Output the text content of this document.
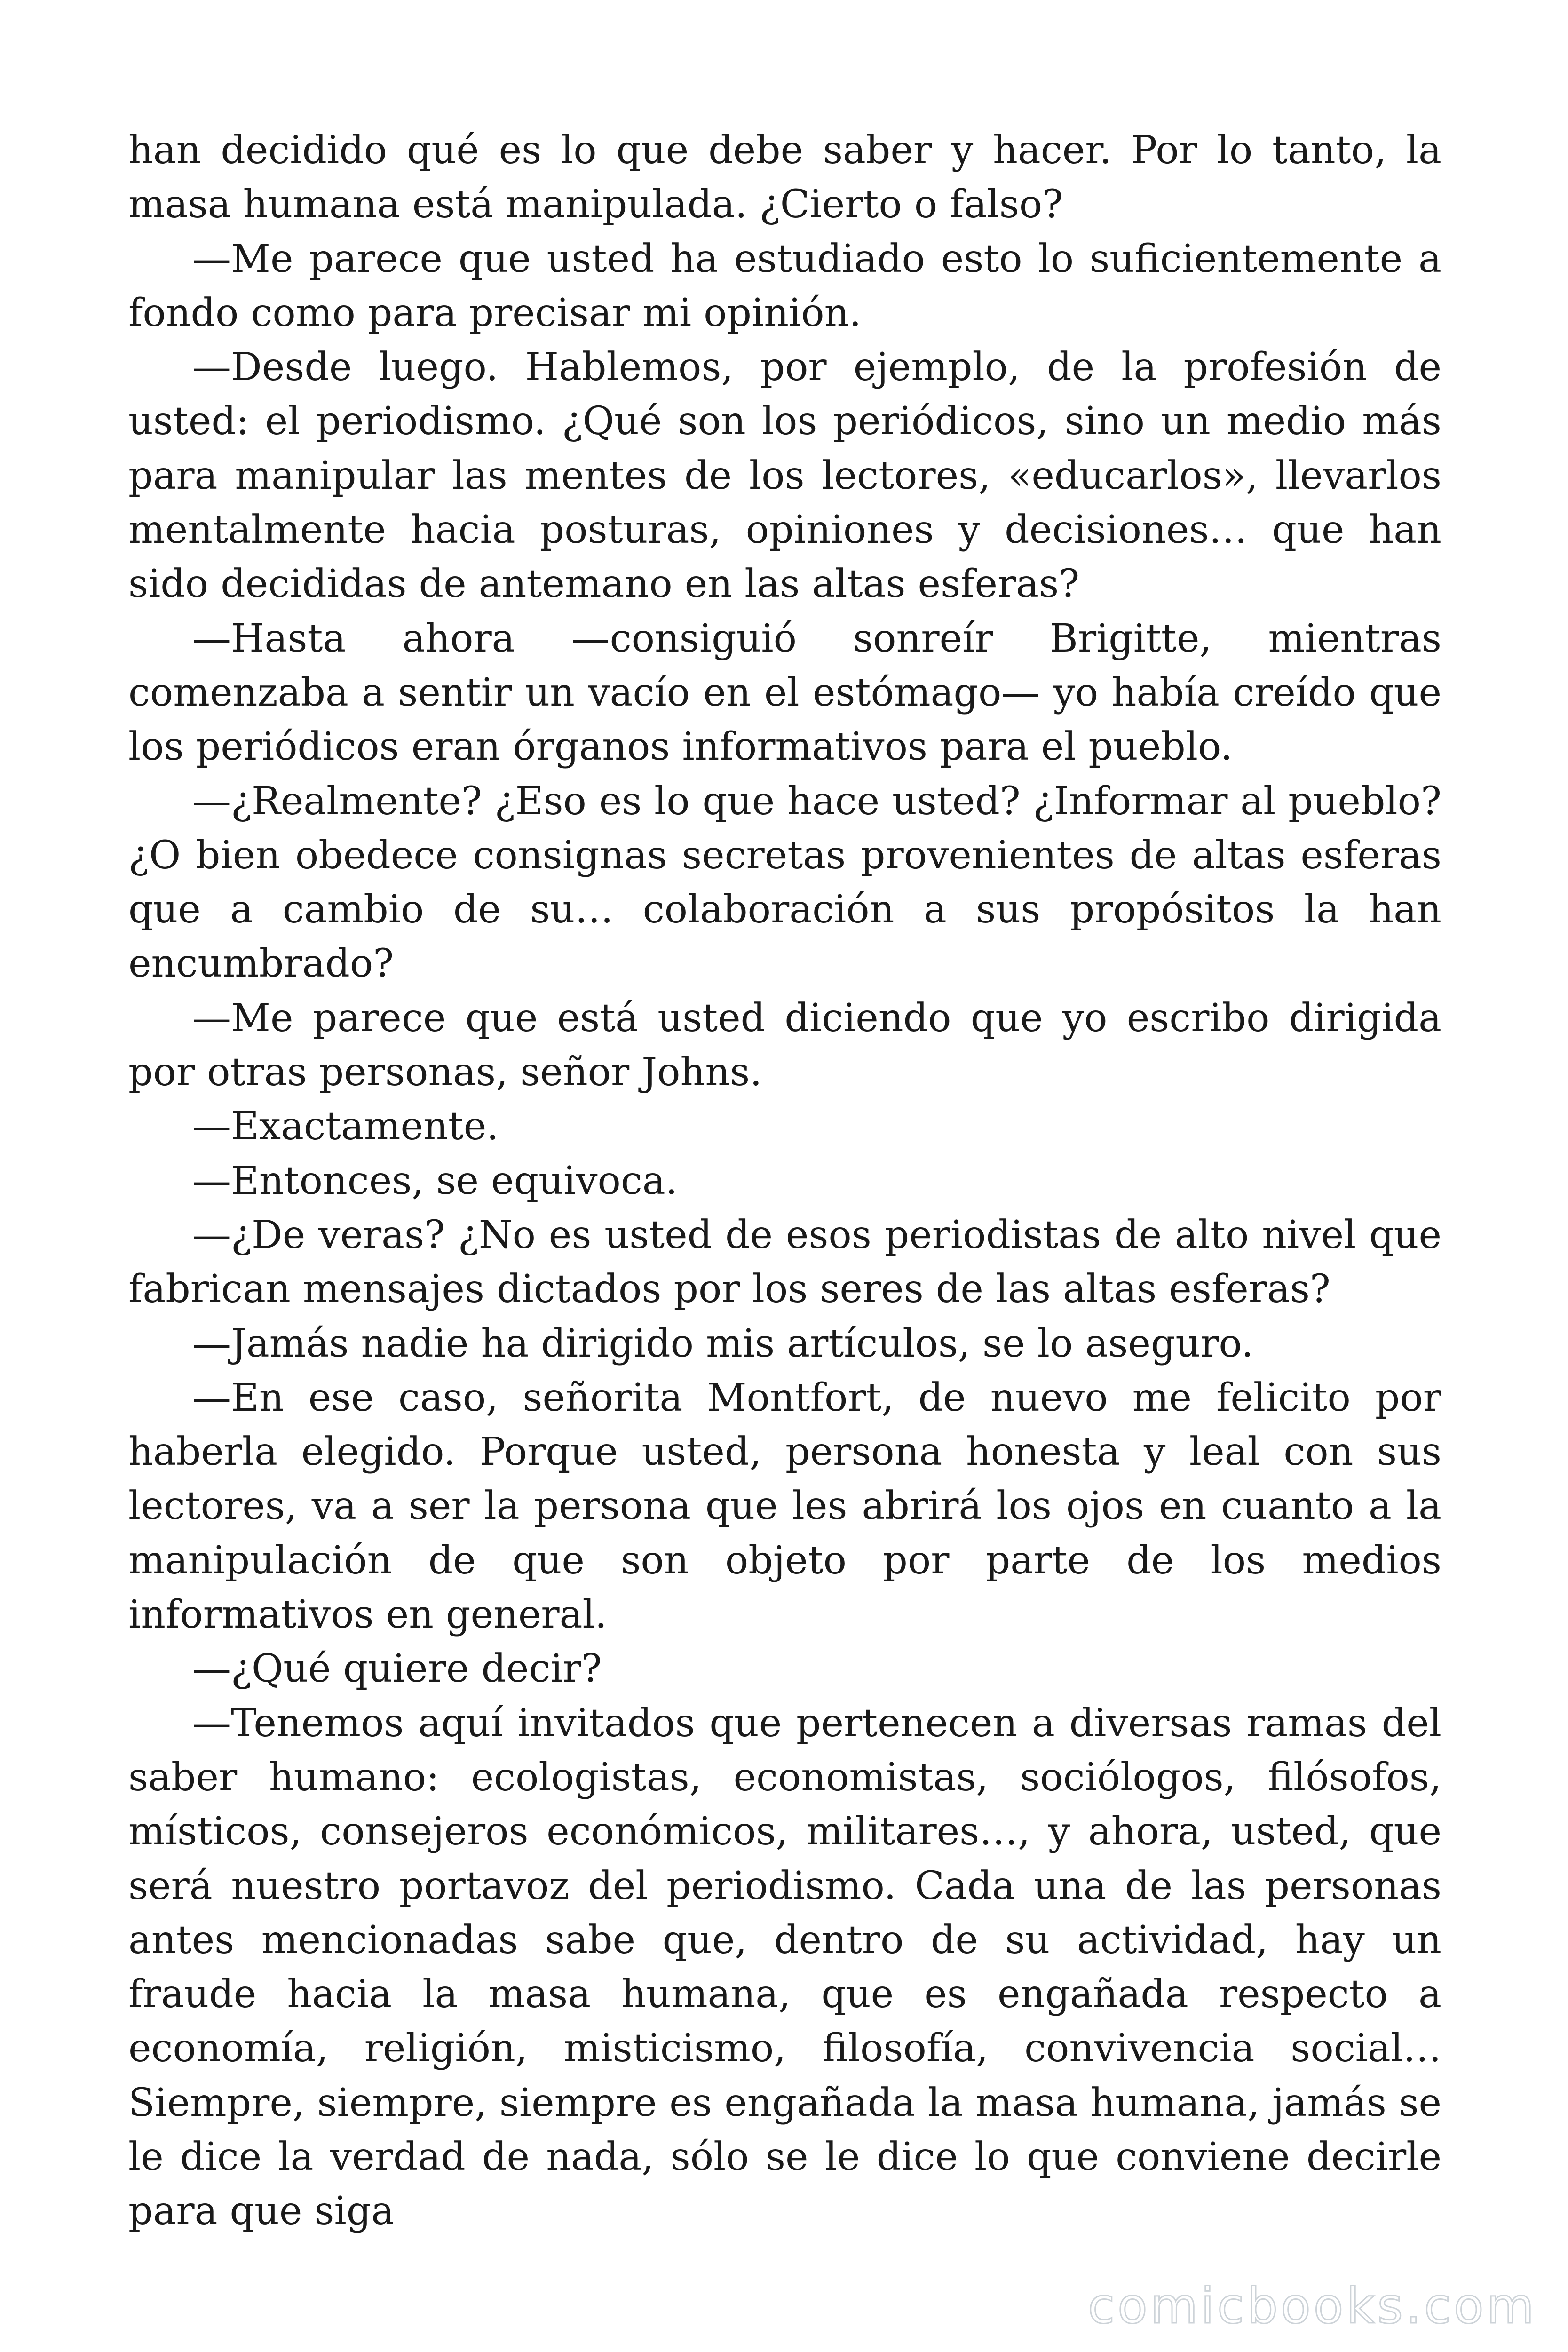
han decidido qué es lo que debe saber y hacer. Por lo tanto, la masa humana está manipulada. ¿Cierto o falso?

—Me parece que usted ha estudiado esto lo suficientemente a fondo como para precisar mi opinión.

—Desde luego. Hablemos, por ejemplo, de la profesión de usted: el periodismo. ¿Qué son los periódicos, sino un medio más para manipular las mentes de los lectores, «educarlos», llevarlos mentalmente hacia posturas, opiniones y decisiones… que han sido decididas de antemano en las altas esferas?

—Hasta ahora —consiguió sonreír Brigitte, mientras comenzaba a sentir un vacío en el estómago— yo había creído que los periódicos eran órganos informativos para el pueblo.

—¿Realmente? ¿Eso es lo que hace usted? ¿Informar al pueblo? ¿O bien obedece consignas secretas provenientes de altas esferas que a cambio de su… colaboración a sus propósitos la han encumbrado?

—Me parece que está usted diciendo que yo escribo dirigida por otras personas, señor Johns.

—Exactamente.

—Entonces, se equivoca.

—¿De veras? ¿No es usted de esos periodistas de alto nivel que fabrican mensajes dictados por los seres de las altas esferas?

—Jamás nadie ha dirigido mis artículos, se lo aseguro.

—En ese caso, señorita Montfort, de nuevo me felicito por haberla elegido. Porque usted, persona honesta y leal con sus lectores, va a ser la persona que les abrirá los ojos en cuanto a la manipulación de que son objeto por parte de los medios informativos en general.

—¿Qué quiere decir?

—Tenemos aquí invitados que pertenecen a diversas ramas del saber humano: ecologistas, economistas, sociólogos, filósofos, místicos, consejeros económicos, militares…, y ahora, usted, que será nuestro portavoz del periodismo. Cada una de las personas antes mencionadas sabe que, dentro de su actividad, hay un fraude hacia la masa humana, que es engañada respecto a economía, religión, misticismo, filosofía, convivencia social… Siempre, siempre, siempre es engañada la masa humana, jamás se le dice la verdad de nada, sólo se le dice lo que conviene decirle para que siga

comicbooks.com
